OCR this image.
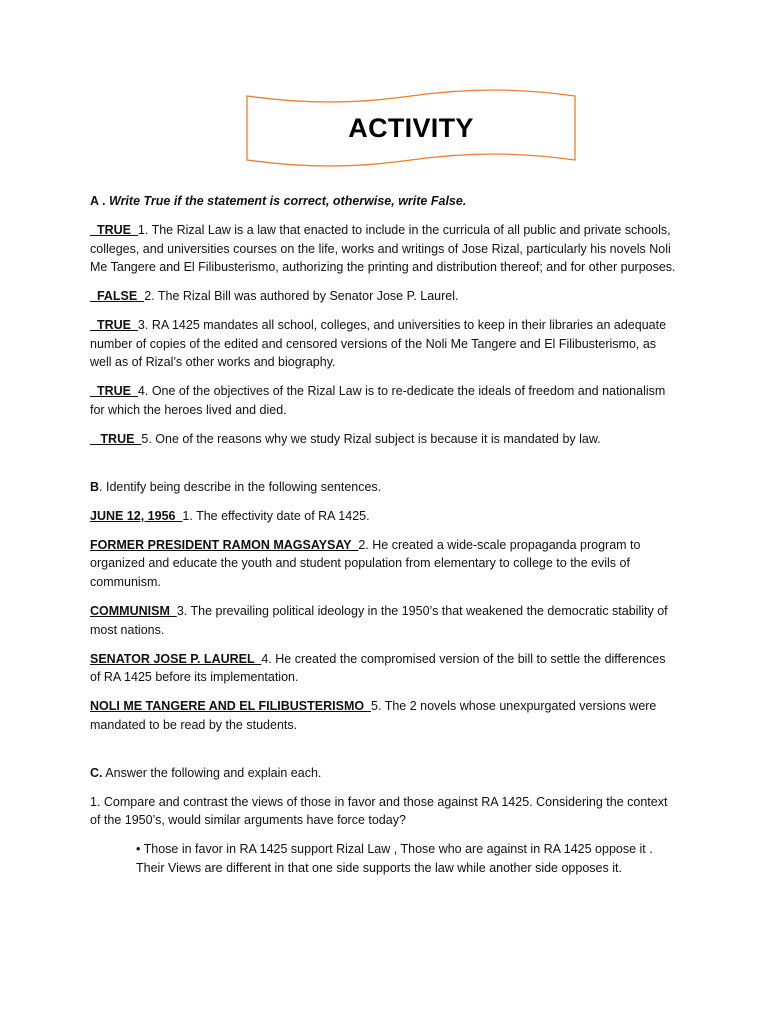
ACTIVITY
A . Write True if the statement is correct, otherwise, write False.
TRUE  1. The Rizal Law is a law that enacted to include in the curricula of all public and private schools, colleges, and universities courses on the life, works and writings of Jose Rizal, particularly his novels Noli Me Tangere and El Filibusterismo, authorizing the printing and distribution thereof; and for other purposes.
FALSE  2. The Rizal Bill was authored by Senator Jose P. Laurel.
TRUE  3. RA 1425 mandates all school, colleges, and universities to keep in their libraries an adequate number of copies of the edited and censored versions of the Noli Me Tangere and El Filibusterismo, as well as of Rizal’s other works and biography.
TRUE  4. One of the objectives of the Rizal Law is to re-dedicate the ideals of freedom and nationalism for which the heroes lived and died.
TRUE  5. One of the reasons why we study Rizal subject is because it is mandated by law.
B. Identify being describe in the following sentences.
JUNE 12, 1956  1. The effectivity date of RA 1425.
FORMER PRESIDENT RAMON MAGSAYSAY  2. He created a wide-scale propaganda program to organized and educate the youth and student population from elementary to college to the evils of communism.
COMMUNISM  3. The prevailing political ideology in the 1950’s that weakened the democratic stability of most nations.
SENATOR JOSE P. LAUREL  4. He created the compromised version of the bill to settle the differences of RA 1425 before its implementation.
NOLI ME TANGERE AND EL FILIBUSTERISMO  5. The 2 novels whose unexpurgated versions were mandated to be read by the students.
C. Answer the following and explain each.
1. Compare and contrast the views of those in favor and those against RA 1425. Considering the context of the 1950’s, would similar arguments have force today?
• Those in favor in RA 1425 support Rizal Law , Those who are against in RA 1425 oppose it . Their Views are different in that one side supports the law while another side opposes it.
